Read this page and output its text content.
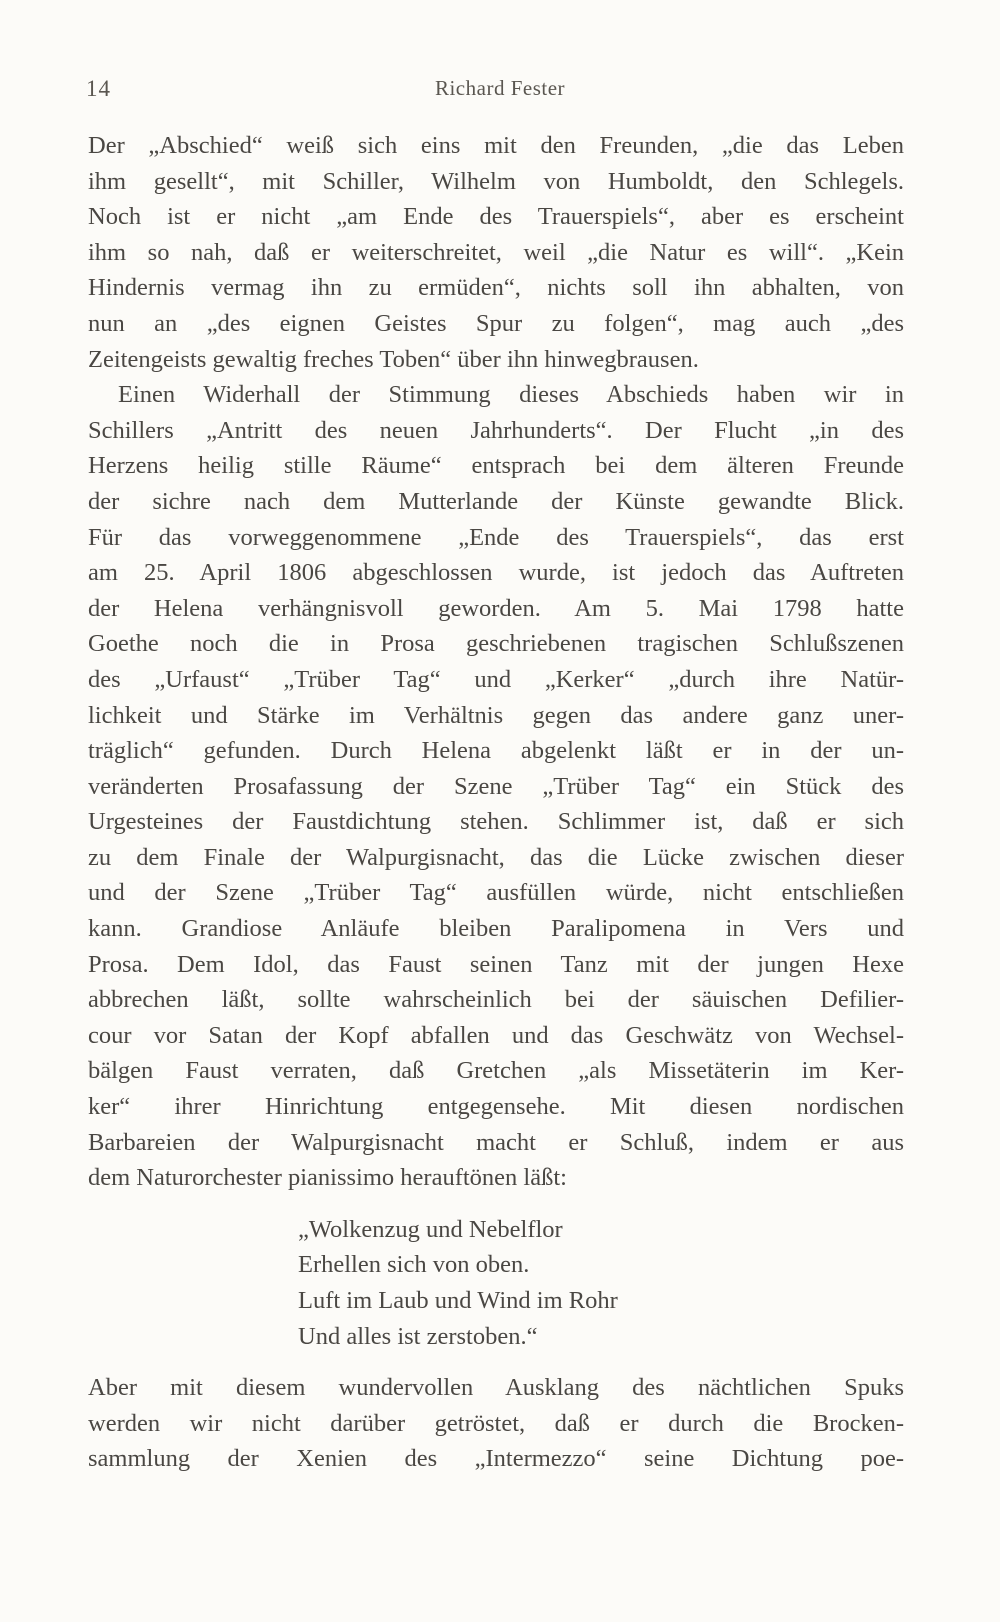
14	Richard Fester
Der „Abschied“ weiß sich eins mit den Freunden, „die das Leben
ihm gesellt“, mit Schiller, Wilhelm von Humboldt, den Schlegels.
Noch ist er nicht „am Ende des Trauerspiels“, aber es erscheint
ihm so nah, daß er weiterschreitet, weil „die Natur es will“. „Kein
Hindernis vermag ihn zu ermüden“, nichts soll ihn abhalten, von
nun an „des eignen Geistes Spur zu folgen“, mag auch „des
Zeitengeists gewaltig freches Toben“ über ihn hinwegbrausen.
Einen Widerhall der Stimmung dieses Abschieds haben wir in
Schillers „Antritt des neuen Jahrhunderts“. Der Flucht „in des
Herzens heilig stille Räume“ entsprach bei dem älteren Freunde
der sichre nach dem Mutterlande der Künste gewandte Blick.
Für das vorweggenommene „Ende des Trauerspiels“, das erst
am 25. April 1806 abgeschlossen wurde, ist jedoch das Auftreten
der Helena verhängnisvoll geworden. Am 5. Mai 1798 hatte
Goethe noch die in Prosa geschriebenen tragischen Schlußszenen
des „Urfaust“ „Trüber Tag“ und „Kerker“ „durch ihre Natür-
lichkeit und Stärke im Verhältnis gegen das andere ganz uner-
träglich“ gefunden. Durch Helena abgelenkt läßt er in der un-
veränderten Prosafassung der Szene „Trüber Tag“ ein Stück des
Urgesteines der Faustdichtung stehen. Schlimmer ist, daß er sich
zu dem Finale der Walpurgisnacht, das die Lücke zwischen dieser
und der Szene „Trüber Tag“ ausfüllen würde, nicht entschließen
kann. Grandiose Anläufe bleiben Paralipomena in Vers und
Prosa. Dem Idol, das Faust seinen Tanz mit der jungen Hexe
abbrechen läßt, sollte wahrscheinlich bei der säuischen Defilier-
cour vor Satan der Kopf abfallen und das Geschwätz von Wechsel-
bälgen Faust verraten, daß Gretchen „als Missetäterin im Ker-
ker“ ihrer Hinrichtung entgegensehe. Mit diesen nordischen
Barbareien der Walpurgisnacht macht er Schluß, indem er aus
dem Naturorchester pianissimo herauftönen läßt:
„Wolkenzug und Nebelflor
Erhellen sich von oben.
Luft im Laub und Wind im Rohr
Und alles ist zerstoben.“
Aber mit diesem wundervollen Ausklang des nächtlichen Spuks
werden wir nicht darüber getröstet, daß er durch die Brocken-
sammlung der Xenien des „Intermezzo“ seine Dichtung poe-
